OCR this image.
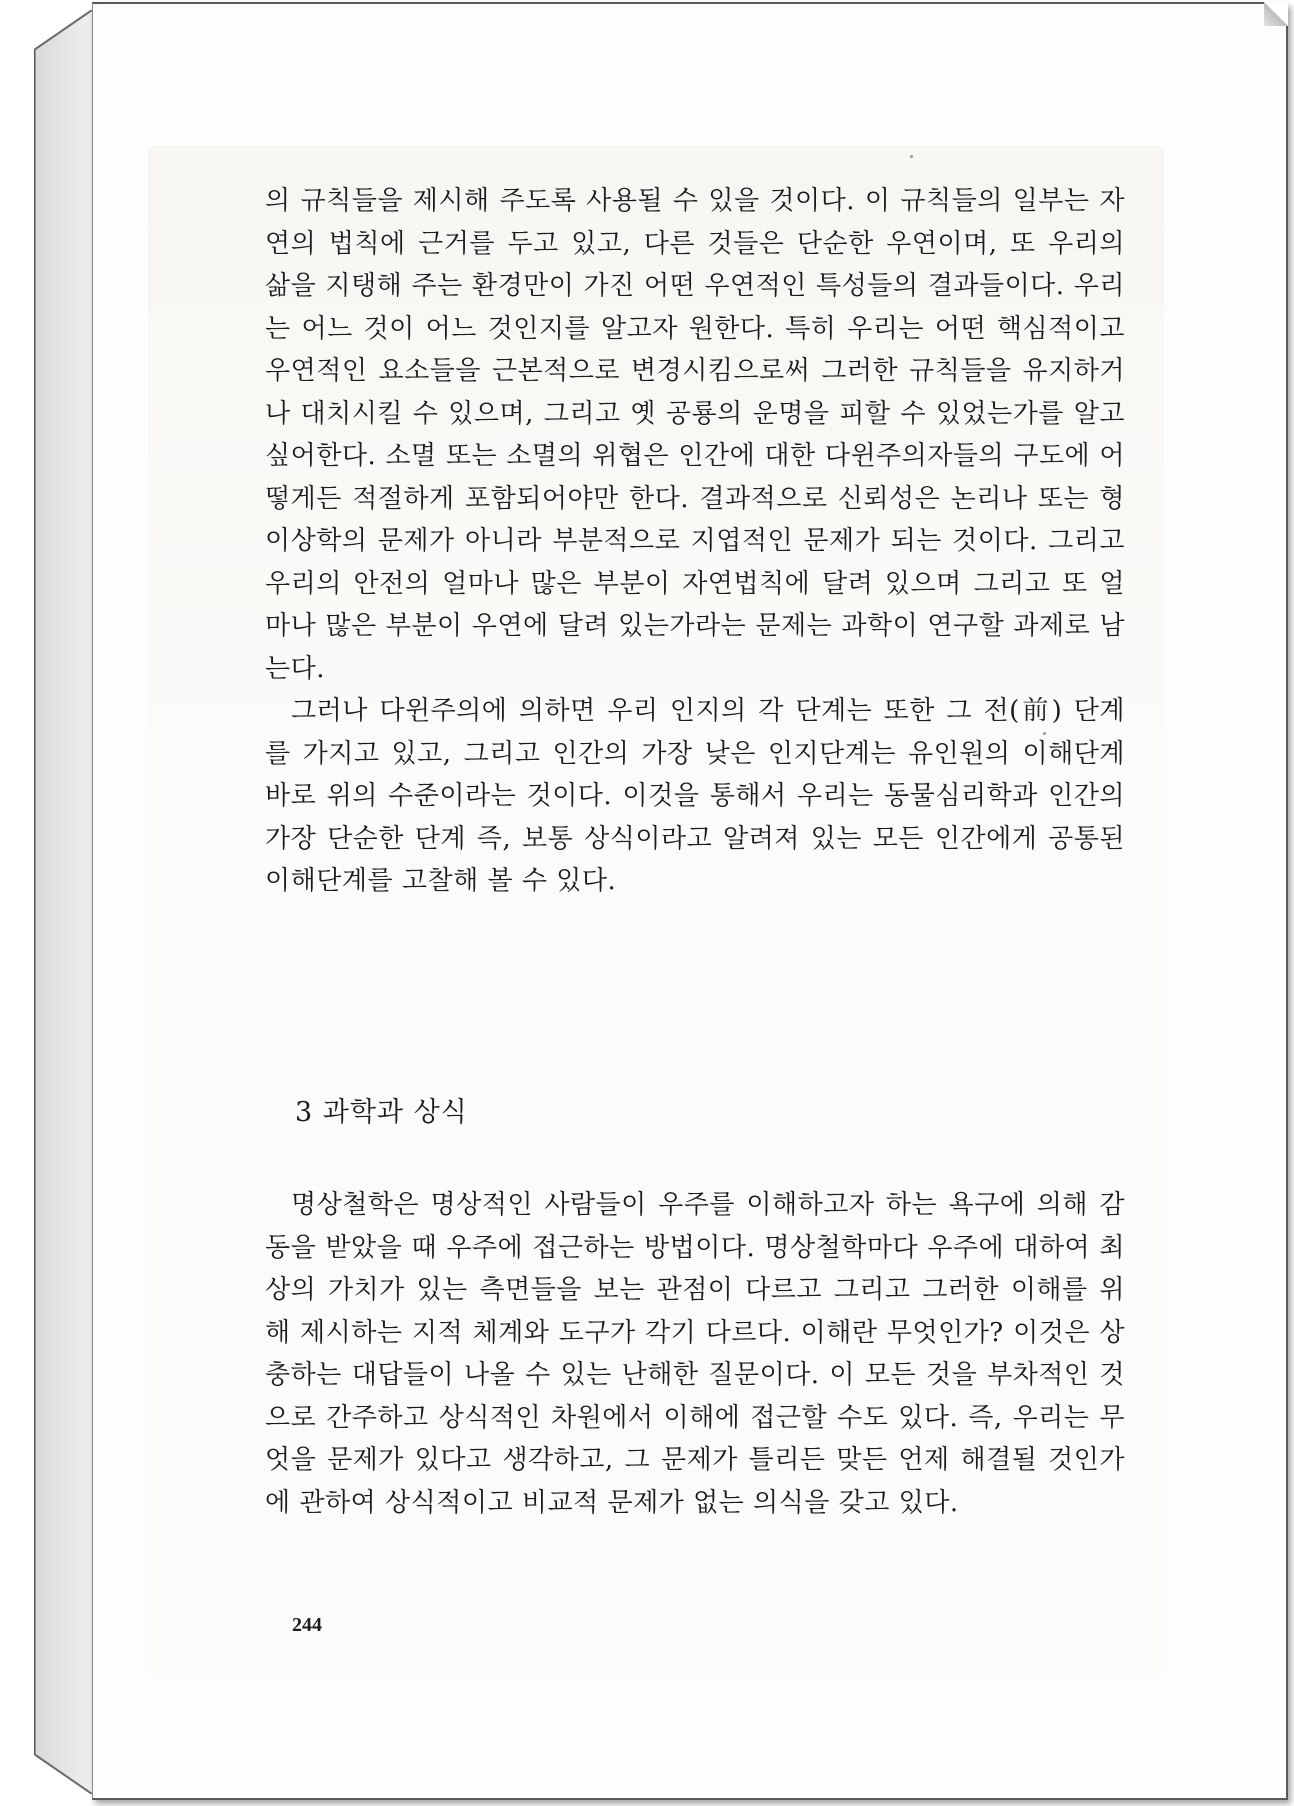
의 규칙들을 제시해 주도록 사용될 수 있을 것이다. 이 규칙들의 일부는 자
연의 법칙에 근거를 두고 있고, 다른 것들은 단순한 우연이며, 또 우리의
삶을 지탱해 주는 환경만이 가진 어떤 우연적인 특성들의 결과들이다. 우리
는 어느 것이 어느 것인지를 알고자 원한다. 특히 우리는 어떤 핵심적이고
우연적인 요소들을 근본적으로 변경시킴으로써 그러한 규칙들을 유지하거
나 대치시킬 수 있으며, 그리고 옛 공룡의 운명을 피할 수 있었는가를 알고
싶어한다. 소멸 또는 소멸의 위협은 인간에 대한 다윈주의자들의 구도에 어
떻게든 적절하게 포함되어야만 한다. 결과적으로 신뢰성은 논리나 또는 형
이상학의 문제가 아니라 부분적으로 지엽적인 문제가 되는 것이다. 그리고
우리의 안전의 얼마나 많은 부분이 자연법칙에 달려 있으며 그리고 또 얼
마나 많은 부분이 우연에 달려 있는가라는 문제는 과학이 연구할 과제로 남
는다.

그러나 다윈주의에 의하면 우리 인지의 각 단계는 또한 그 전(前) 단계
를 가지고 있고, 그리고 인간의 가장 낮은 인지단계는 유인원의 이해단계
바로 위의 수준이라는 것이다. 이것을 통해서 우리는 동물심리학과 인간의
가장 단순한 단계 즉, 보통 상식이라고 알려져 있는 모든 인간에게 공통된
이해단계를 고찰해 볼 수 있다.

3 과학과 상식

명상철학은 명상적인 사람들이 우주를 이해하고자 하는 욕구에 의해 감
동을 받았을 때 우주에 접근하는 방법이다. 명상철학마다 우주에 대하여 최
상의 가치가 있는 측면들을 보는 관점이 다르고 그리고 그러한 이해를 위
해 제시하는 지적 체계와 도구가 각기 다르다. 이해란 무엇인가? 이것은 상
충하는 대답들이 나올 수 있는 난해한 질문이다. 이 모든 것을 부차적인 것
으로 간주하고 상식적인 차원에서 이해에 접근할 수도 있다. 즉, 우리는 무
엇을 문제가 있다고 생각하고, 그 문제가 틀리든 맞든 언제 해결될 것인가
에 관하여 상식적이고 비교적 문제가 없는 의식을 갖고 있다.

244
